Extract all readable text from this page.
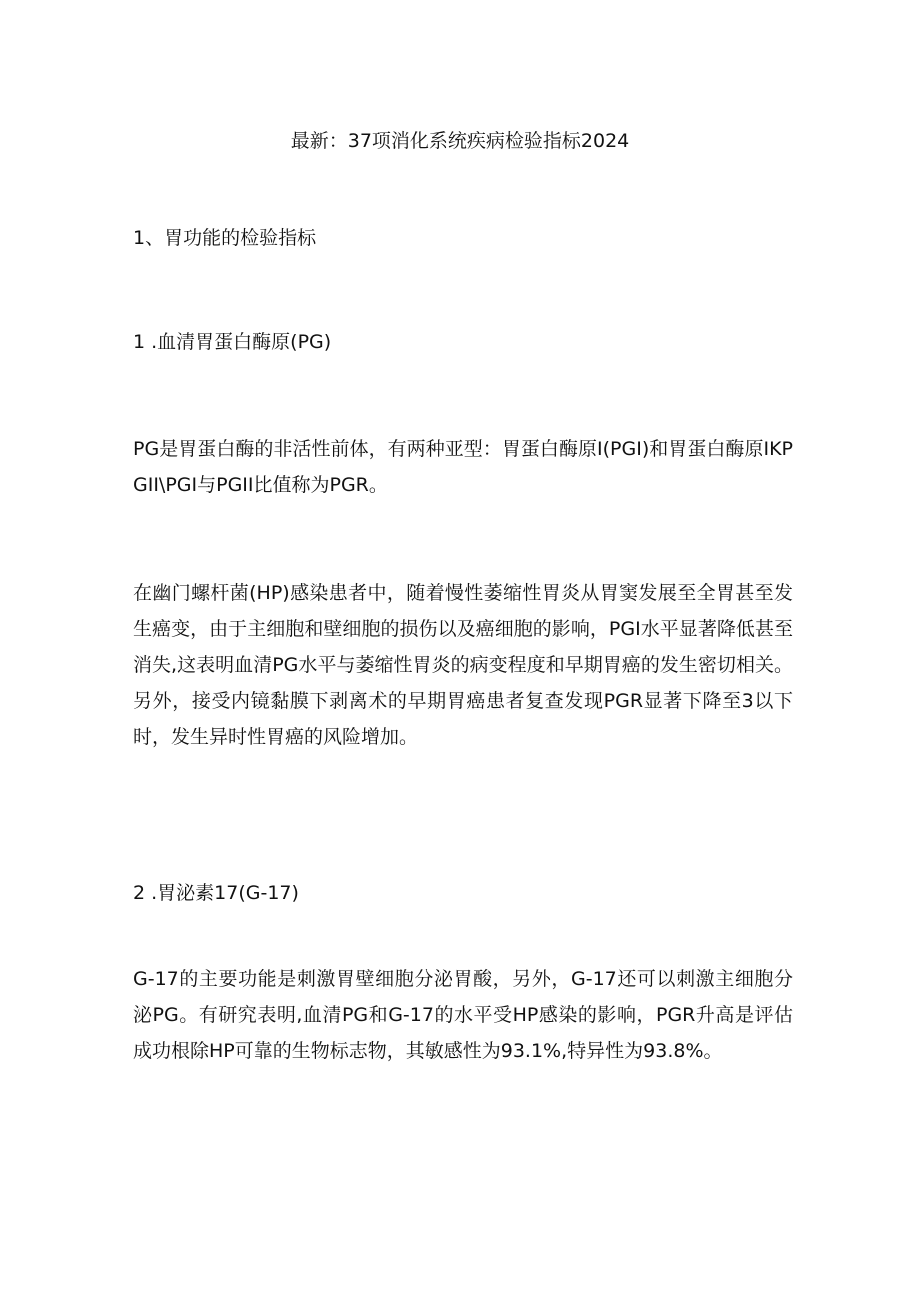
最新：37项消化系统疾病检验指标2024
1、胃功能的检验指标
1 .血清胃蛋白酶原(PG)

PG是胃蛋白酶的非活性前体，有两种亚型：胃蛋白酶原I(PGI)和胃蛋白酶原IKPGII\PGI与PGII比值称为PGR。

在幽门螺杆菌(HP)感染患者中，随着慢性萎缩性胃炎从胃窦发展至全胃甚至发生癌变，由于主细胞和壁细胞的损伤以及癌细胞的影响，PGI水平显著降低甚至消失,这表明血清PG水平与萎缩性胃炎的病变程度和早期胃癌的发生密切相关。另外，接受内镜黏膜下剥离术的早期胃癌患者复查发现PGR显著下降至3以下时，发生异时性胃癌的风险增加。

2 .胃泌素17(G-17)

G-17的主要功能是刺激胃壁细胞分泌胃酸，另外，G-17还可以刺激主细胞分泌PG。有研究表明,血清PG和G-17的水平受HP感染的影响，PGR升高是评估成功根除HP可靠的生物标志物，其敏感性为93.1%,特异性为93.8%。
